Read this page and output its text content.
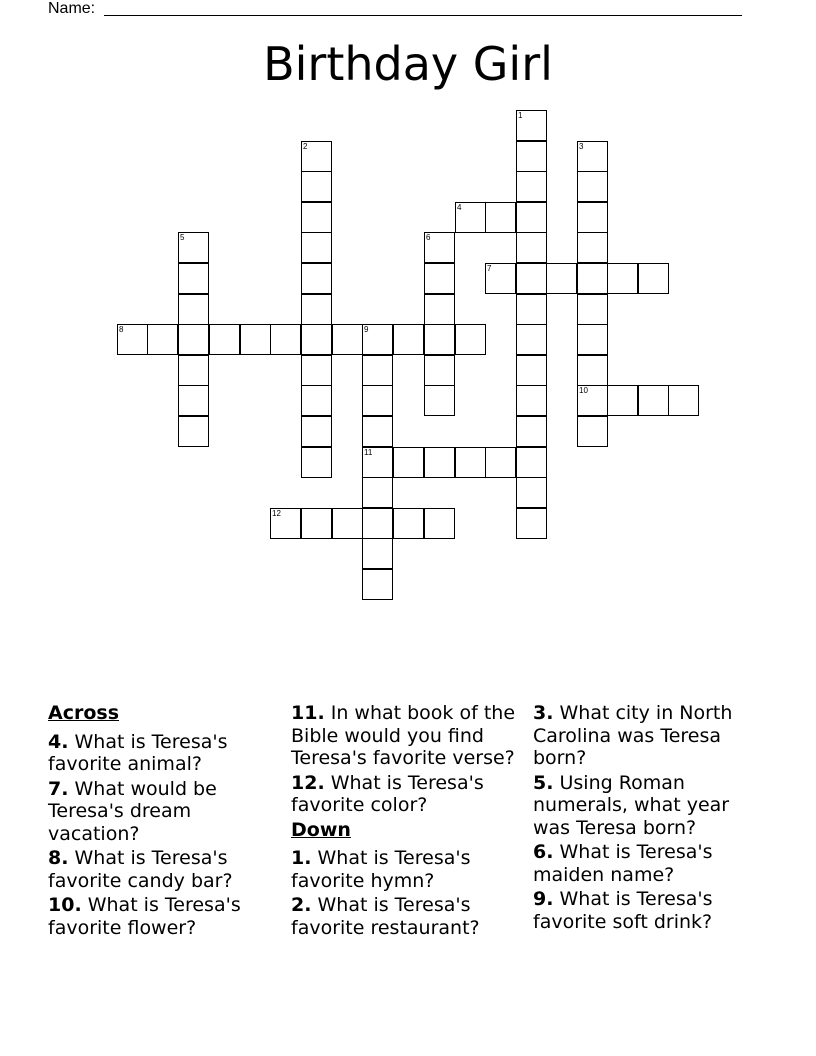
Name:
Birthday Girl
1
2	3
4
5	6
7
8	9
10
11
12
Across
4. What is Teresa's favorite animal?
7. What would be Teresa's dream vacation?
8. What is Teresa's favorite candy bar?
10. What is Teresa's favorite flower?
11. In what book of the Bible would you find Teresa's favorite verse?
12. What is Teresa's favorite color?
Down
1. What is Teresa's favorite hymn?
2. What is Teresa's favorite restaurant?
3. What city in North Carolina was Teresa born?
5. Using Roman numerals, what year was Teresa born?
6. What is Teresa's maiden name?
9. What is Teresa's favorite soft drink?
